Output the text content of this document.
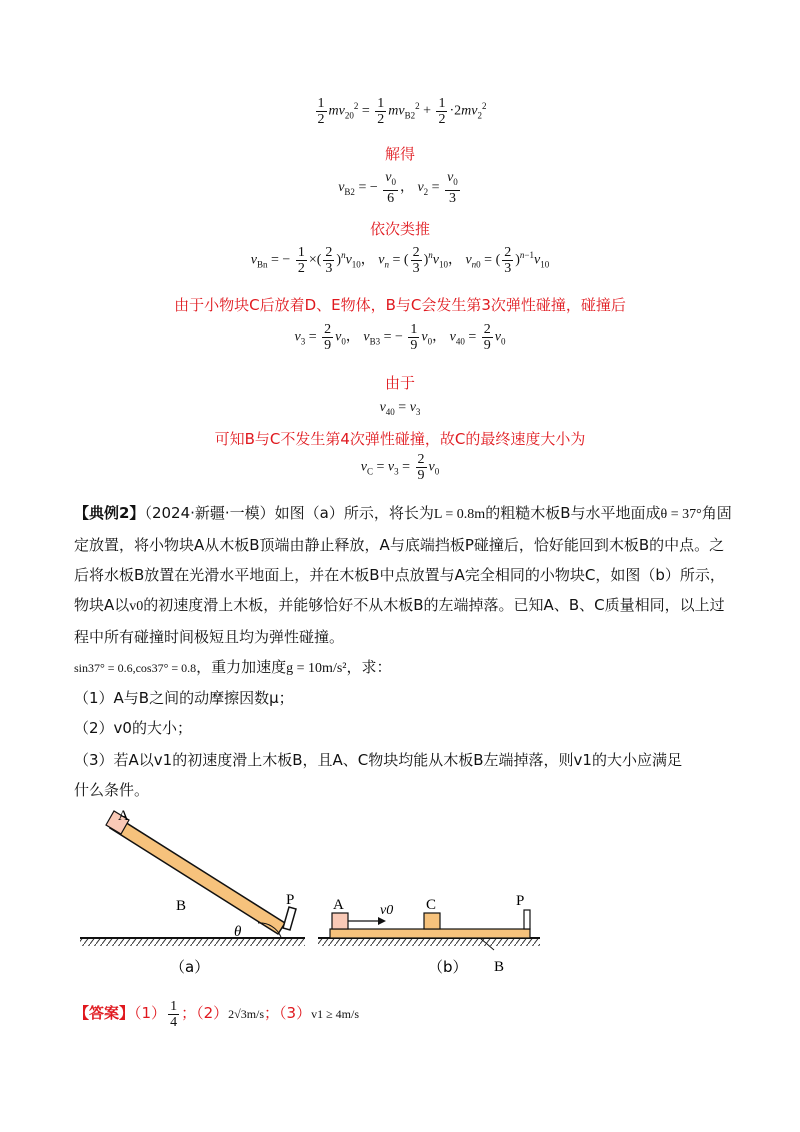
$\frac{1}{2} mv_{20}^2 = \frac{1}{2} mv_{B2}^2 + \frac{1}{2} \cdot 2mv_2^2$
解得
$v_{B2}$ = − $\frac{v_0}{6}$ ， $v_2 = \frac{v_0}{3}$
依次类推
$v_{Bn}$ = − $\frac{1}{2}$ ×( $\frac{2}{3} )^nv_{10}$， $v_n$ = ( $\frac{2}{3} )^nv_{10}$， $v_{n0}$ = ( $\frac{2}{3} )^{n-1}v_{10}$
由于小物块C后放着D、E物体，B与C会发生第3次弹性碰撞，碰撞后
$v_3 = \frac{2}{9} v_0$， $v_{B3}$ = − $\frac{1}{9} v_0$， $v_{40} = \frac{2}{9} v_0$
由于
$v_{40} = v_3$
可知B与C不发生第4次弹性碰撞，故C的最终速度大小为
$v_C = v_3 = \frac{2}{9} v_0$
【典例2】（2024·新疆·一模）如图（a）所示，将长为L = 0.8m的粗糙木板B与水平地面成θ = 37°角固定放置，将小物块A从木板B顶端由静止释放，A与底端挡板P碰撞后，恰好能回到木板B的中点。之后将水板B放置在光滑水平地面上，并在木板B中点放置与A完全相同的小物块C，如图（b）所示，物块A以v0的初速度滑上木板，并能够恰好不从木板B的左端掉落。已知A、B、C质量相同，以上过程中所有碰撞时间极短且均为弹性碰撞。
sin37° = 0.6,cos37° = 0.8，重力加速度g = 10m/s²，求：
（1）A与B之间的动摩擦因数μ；
（2）v0的大小；
（3）若A以v1的初速度滑上木板B，且A、C物块均能从木板B左端掉落，则v1的大小应满足
什么条件。
A
B	P
θ
（a）
A	v0 C	P
B
（b）
【答案】$(1) \frac{1}{4}$ ；（2）2√3m/s；（3）v1 ≥ 4m/s
